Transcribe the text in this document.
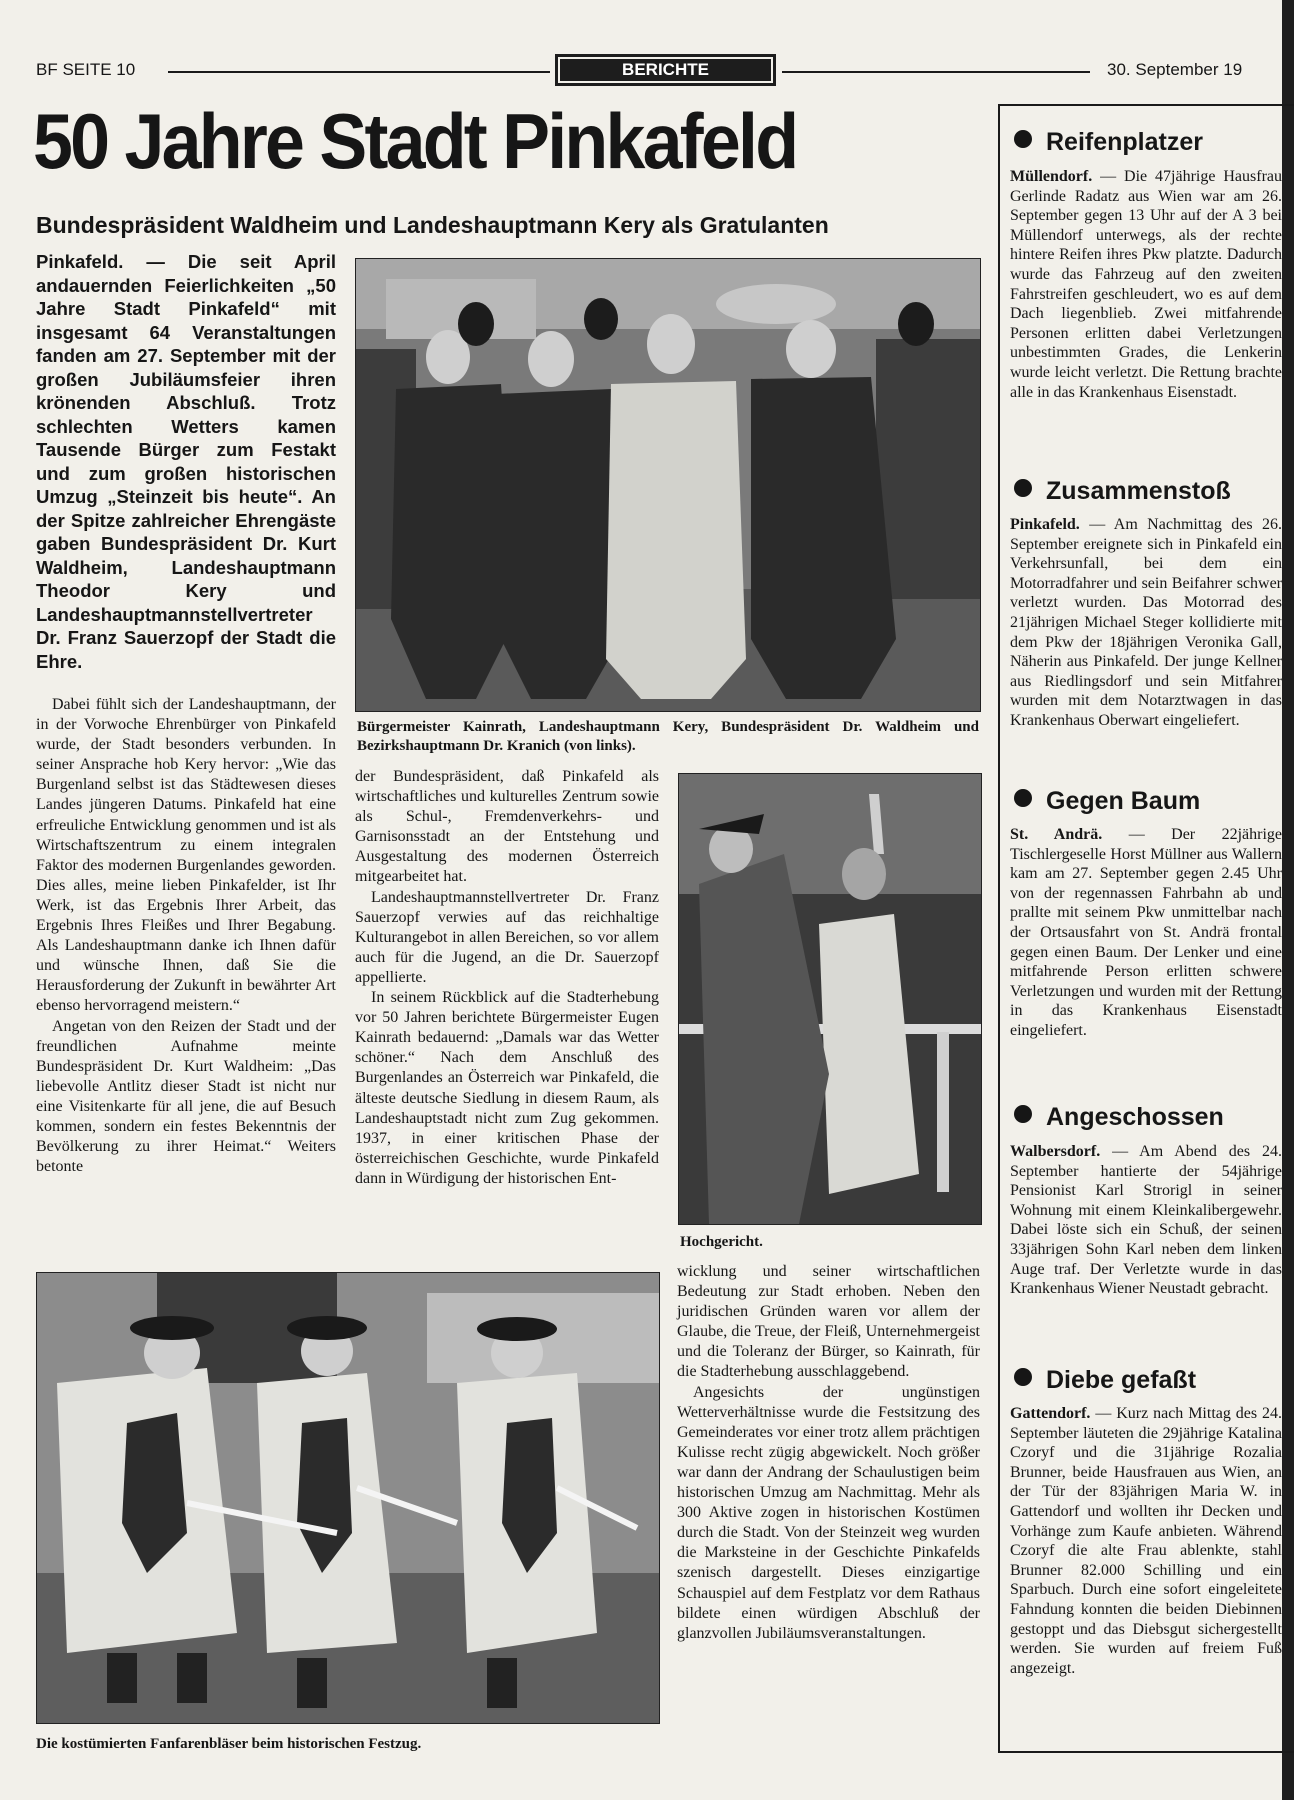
BF SEITE 10	BERICHTE	30. September 19
50 Jahre Stadt Pinkafeld
Bundespräsident Waldheim und Landeshauptmann Kery als Gratulanten
Pinkafeld. — Die seit April andauernden Feierlichkeiten „50 Jahre Stadt Pinkafeld“ mit insgesamt 64 Veranstaltungen fanden am 27. September mit der großen Jubiläumsfeier ihren krönenden Abschluß. Trotz schlechten Wetters kamen Tausende Bürger zum Festakt und zum großen historischen Umzug „Steinzeit bis heute“. An der Spitze zahlreicher Ehrengäste gaben Bundespräsident Dr. Kurt Waldheim, Landeshauptmann Theodor Kery und Landeshauptmannstellvertreter Dr. Franz Sauerzopf der Stadt die Ehre.

Dabei fühlt sich der Landeshauptmann, der in der Vorwoche Ehrenbürger von Pinkafeld wurde, der Stadt besonders verbunden. In seiner Ansprache hob Kery hervor: „Wie das Burgenland selbst ist das Städtewesen dieses Landes jüngeren Datums. Pinkafeld hat eine erfreuliche Entwicklung genommen und ist als Wirtschaftszentrum zu einem integralen Faktor des modernen Burgenlandes geworden. Dies alles, meine lieben Pinkafelder, ist Ihr Werk, ist das Ergebnis Ihrer Arbeit, das Ergebnis Ihres Fleißes und Ihrer Begabung. Als Landeshauptmann danke ich Ihnen dafür und wünsche Ihnen, daß Sie die Herausforderung der Zukunft in bewährter Art ebenso hervorragend meistern.“

Angetan von den Reizen der Stadt und der freundlichen Aufnahme meinte Bundespräsident Dr. Kurt Waldheim: „Das liebevolle Antlitz dieser Stadt ist nicht nur eine Visitenkarte für all jene, die auf Besuch kommen, sondern ein festes Bekenntnis der Bevölkerung zu ihrer Heimat.“ Weiters betonte

Bürgermeister Kainrath, Landeshauptmann Kery, Bundespräsident Dr. Waldheim und Bezirkshauptmann Dr. Kranich (von links).

der Bundespräsident, daß Pinkafeld als wirtschaftliches und kulturelles Zentrum sowie als Schul-, Fremdenverkehrs- und Garnisonsstadt an der Entstehung und Ausgestaltung des modernen Österreich mitgearbeitet hat.

Landeshauptmannstellvertreter Dr. Franz Sauerzopf verwies auf das reichhaltige Kulturangebot in allen Bereichen, so vor allem auch für die Jugend, an die Dr. Sauerzopf appellierte.

In seinem Rückblick auf die Stadterhebung vor 50 Jahren berichtete Bürgermeister Eugen Kainrath bedauernd: „Damals war das Wetter schöner.“ Nach dem Anschluß des Burgenlandes an Österreich war Pinkafeld, die älteste deutsche Siedlung in diesem Raum, als Landeshauptstadt nicht zum Zug gekommen. 1937, in einer kritischen Phase der österreichischen Geschichte, wurde Pinkafeld dann in Würdigung der historischen Ent-

Hochgericht.
Die kostümierten Fanfarenbläser beim historischen Festzug.

wicklung und seiner wirtschaftlichen Bedeutung zur Stadt erhoben. Neben den juridischen Gründen waren vor allem der Glaube, die Treue, der Fleiß, Unternehmergeist und die Toleranz der Bürger, so Kainrath, für die Stadterhebung ausschlaggebend.

Angesichts der ungünstigen Wetterverhältnisse wurde die Festsitzung des Gemeinderates vor einer trotz allem prächtigen Kulisse recht zügig abgewickelt. Noch größer war dann der Andrang der Schaulustigen beim historischen Umzug am Nachmittag. Mehr als 300 Aktive zogen in historischen Kostümen durch die Stadt. Von der Steinzeit weg wurden die Marksteine in der Geschichte Pinkafelds szenisch dargestellt. Dieses einzigartige Schauspiel auf dem Festplatz vor dem Rathaus bildete einen würdigen Abschluß der glanzvollen Jubiläumsveranstaltungen.

Reifenplatzer

Müllendorf. — Die 47jährige Hausfrau Gerlinde Radatz aus Wien war am 26. September gegen 13 Uhr auf der A 3 bei Müllendorf unterwegs, als der rechte hintere Reifen ihres Pkw platzte. Dadurch wurde das Fahrzeug auf den zweiten Fahrstreifen geschleudert, wo es auf dem Dach liegenblieb. Zwei mitfahrende Personen erlitten dabei Verletzungen unbestimmten Grades, die Lenkerin wurde leicht verletzt. Die Rettung brachte alle in das Krankenhaus Eisenstadt.

Zusammenstoß

Pinkafeld. — Am Nachmittag des 26. September ereignete sich in Pinkafeld ein Verkehrsunfall, bei dem ein Motorradfahrer und sein Beifahrer schwer verletzt wurden. Das Motorrad des 21jährigen Michael Steger kollidierte mit dem Pkw der 18jährigen Veronika Gall, Näherin aus Pinkafeld. Der junge Kellner aus Riedlingsdorf und sein Mitfahrer wurden mit dem Notarztwagen in das Krankenhaus Oberwart eingeliefert.

Gegen Baum

St. Andrä. — Der 22jährige Tischlergeselle Horst Müllner aus Wallern kam am 27. September gegen 2.45 Uhr von der regennassen Fahrbahn ab und prallte mit seinem Pkw unmittelbar nach der Ortsausfahrt von St. Andrä frontal gegen einen Baum. Der Lenker und eine mitfahrende Person erlitten schwere Verletzungen und wurden mit der Rettung in das Krankenhaus Eisenstadt eingeliefert.

Angeschossen

Walbersdorf. — Am Abend des 24. September hantierte der 54jährige Pensionist Karl Strorigl in seiner Wohnung mit einem Kleinkalibergewehr. Dabei löste sich ein Schuß, der seinen 33jährigen Sohn Karl neben dem linken Auge traf. Der Verletzte wurde in das Krankenhaus Wiener Neustadt gebracht.

Diebe gefaßt

Gattendorf. — Kurz nach Mittag des 24. September läuteten die 29jährige Katalina Czoryf und die 31jährige Rozalia Brunner, beide Hausfrauen aus Wien, an der Tür der 83jährigen Maria W. in Gattendorf und wollten ihr Decken und Vorhänge zum Kaufe anbieten. Während Czoryf die alte Frau ablenkte, stahl Brunner 82.000 Schilling und ein Sparbuch. Durch eine sofort eingeleitete Fahndung konnten die beiden Diebinnen gestoppt und das Diebsgut sichergestellt werden. Sie wurden auf freiem Fuß angezeigt.
